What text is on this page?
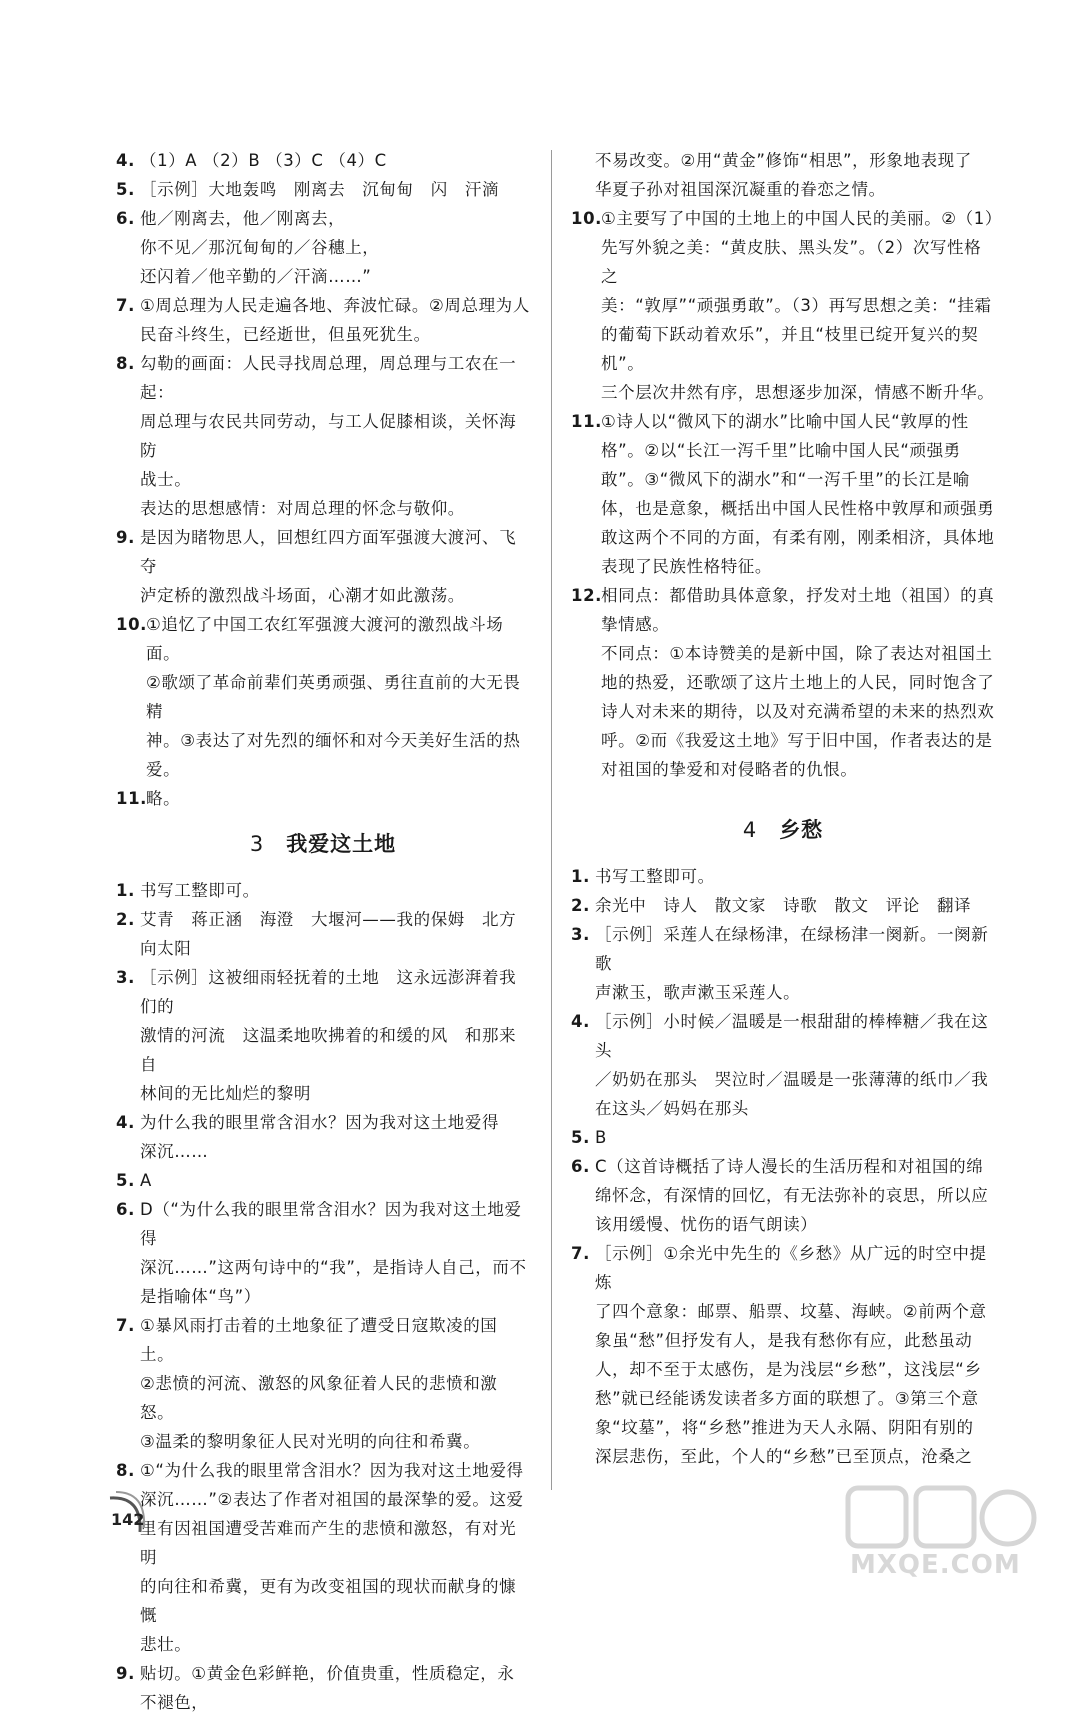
4. （1）A （2）B （3）C （4）C

5. ［示例］大地轰鸣　刚离去　沉甸甸　闪　汗滴

6. 他／刚离去，他／刚离去，

你不见／那沉甸甸的／谷穗上，

还闪着／他辛勤的／汗滴……”

7. ①周总理为人民走遍各地、奔波忙碌。②周总理为人

民奋斗终生，已经逝世，但虽死犹生。

8. 勾勒的画面：人民寻找周总理，周总理与工农在一起：

周总理与农民共同劳动，与工人促膝相谈，关怀海防

战士。

表达的思想感情：对周总理的怀念与敬仰。

9. 是因为睹物思人，回想红四方面军强渡大渡河、飞夺

泸定桥的激烈战斗场面，心潮才如此激荡。

10.

①追忆了中国工农红军强渡大渡河的激烈战斗场面。

②歌颂了革命前辈们英勇顽强、勇往直前的大无畏精

神。③表达了对先烈的缅怀和对今天美好生活的热爱。

11.

略。

3 我爱这土地
1. 书写工整即可。

2. 艾青　蒋正涵　海澄　大堰河——我的保姆　北方

向太阳

3. ［示例］这被细雨轻抚着的土地　这永远澎湃着我们的

激情的河流　这温柔地吹拂着的和缓的风　和那来自

林间的无比灿烂的黎明

4. 为什么我的眼里常含泪水？因为我对这土地爱得

深沉……

5. A

6. D（“为什么我的眼里常含泪水？因为我对这土地爱得

深沉……”这两句诗中的“我”，是指诗人自己，而不

是指喻体“鸟”）

7. ①暴风雨打击着的土地象征了遭受日寇欺凌的国土。

②悲愤的河流、激怒的风象征着人民的悲愤和激怒。

③温柔的黎明象征人民对光明的向往和希冀。

8. ①“为什么我的眼里常含泪水？因为我对这土地爱得

深沉……”②表达了作者对祖国的最深挚的爱。这爱

里有因祖国遭受苦难而产生的悲愤和激怒，有对光明

的向往和希冀，更有为改变祖国的现状而献身的慷慨

悲壮。

9. 贴切。①黄金色彩鲜艳，价值贵重，性质稳定，永不褪色，

不易改变。②用“黄金”修饰“相思”，形象地表现了

华夏子孙对祖国深沉凝重的眷恋之情。

10.

①主要写了中国的土地上的中国人民的美丽。②（1）

先写外貌之美：“黄皮肤、黑头发”。（2）次写性格之

美：“敦厚”“顽强勇敢”。（3）再写思想之美：“挂霜

的葡萄下跃动着欢乐”，并且“枝里已绽开复兴的契机”。

三个层次井然有序，思想逐步加深，情感不断升华。

11.

①诗人以“微风下的湖水”比喻中国人民“敦厚的性

格”。②以“长江一泻千里”比喻中国人民“顽强勇

敢”。③“微风下的湖水”和“一泻千里”的长江是喻

体，也是意象，概括出中国人民性格中敦厚和顽强勇

敢这两个不同的方面，有柔有刚，刚柔相济，具体地

表现了民族性格特征。

12.

相同点：都借助具体意象，抒发对土地（祖国）的真

挚情感。

不同点：①本诗赞美的是新中国，除了表达对祖国土

地的热爱，还歌颂了这片土地上的人民，同时饱含了

诗人对未来的期待，以及对充满希望的未来的热烈欢

呼。②而《我爱这土地》写于旧中国，作者表达的是

对祖国的挚爱和对侵略者的仇恨。

4 乡愁
1. 书写工整即可。

2. 余光中　诗人　散文家　诗歌　散文　评论　翻译

3. ［示例］采莲人在绿杨津，在绿杨津一阕新。一阕新歌

声漱玉，歌声漱玉采莲人。

4. ［示例］小时候／温暖是一根甜甜的棒棒糖／我在这头

／奶奶在那头　哭泣时／温暖是一张薄薄的纸巾／我

在这头／妈妈在那头

5. B

6. C（这首诗概括了诗人漫长的生活历程和对祖国的绵

绵怀念，有深情的回忆，有无法弥补的哀思，所以应

该用缓慢、忧伤的语气朗读）

7. ［示例］①余光中先生的《乡愁》从广远的时空中提炼

了四个意象：邮票、船票、坟墓、海峡。②前两个意

象虽“愁”但抒发有人，是我有愁你有应，此愁虽动

人，却不至于太感伤，是为浅层“乡愁”，这浅层“乡

愁”就已经能诱发读者多方面的联想了。③第三个意

象“坟墓”，将“乡愁”推进为天人永隔、阴阳有别的

深层悲伤，至此，个人的“乡愁”已至顶点，沧桑之

142
MXQE.COM
